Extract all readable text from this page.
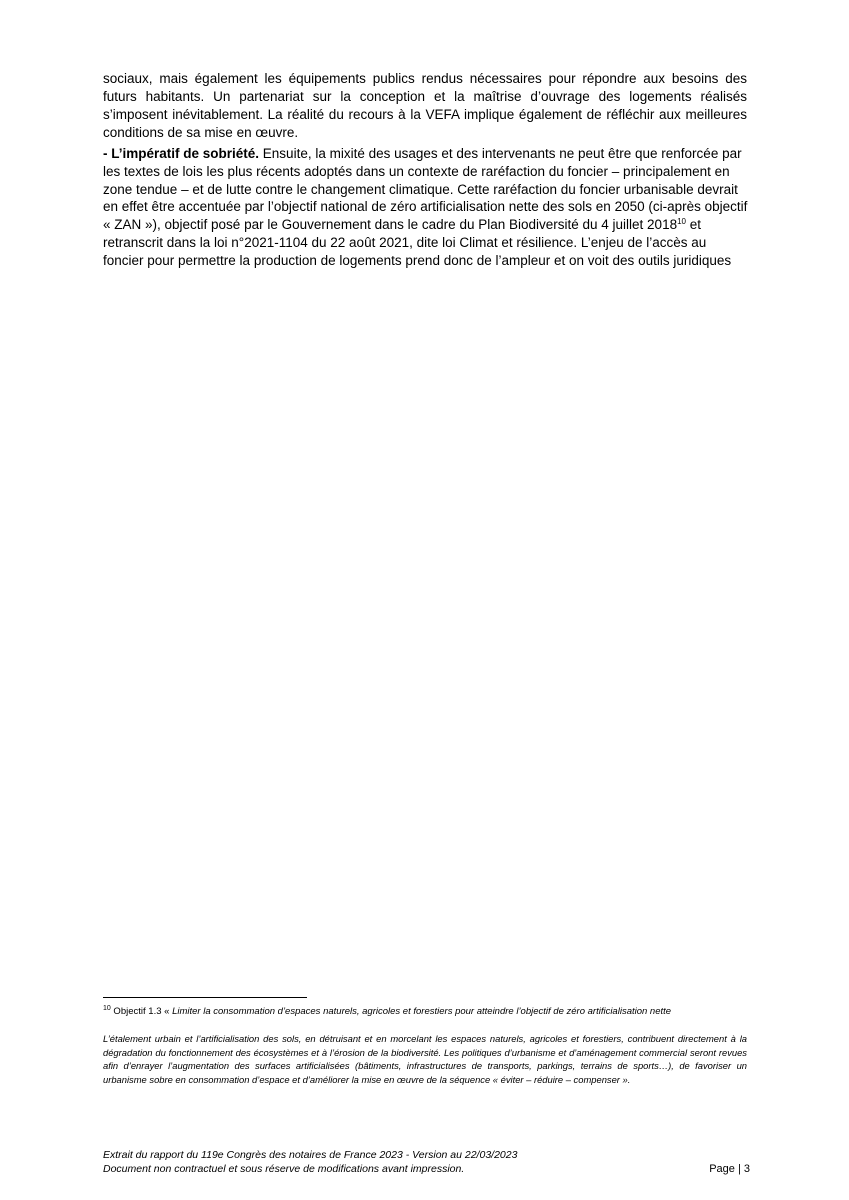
sociaux, mais également les équipements publics rendus nécessaires pour répondre aux besoins des futurs habitants. Un partenariat sur la conception et la maîtrise d’ouvrage des logements réalisés s’imposent inévitablement. La réalité du recours à la VEFA implique également de réfléchir aux meilleures conditions de sa mise en œuvre.

- L’impératif de sobriété. Ensuite, la mixité des usages et des intervenants ne peut être que renforcée par les textes de lois les plus récents adoptés dans un contexte de raréfaction du foncier – principalement en zone tendue – et de lutte contre le changement climatique. Cette raréfaction du foncier urbanisable devrait en effet être accentuée par l’objectif national de zéro artificialisation nette des sols en 2050 (ci-après objectif « ZAN »), objectif posé par le Gouvernement dans le cadre du Plan Biodiversité du 4 juillet 2018$^{10}$ et retranscrit dans la loi n°2021-1104 du 22 août 2021, dite loi Climat et résilience. L’enjeu de l’accès au foncier pour permettre la production de logements prend donc de l’ampleur et on voit des outils juridiques

$^{10}$ Objectif 1.3 « Limiter la consommation d’espaces naturels, agricoles et forestiers pour atteindre l’objectif de zéro artificialisation nette

L’étalement urbain et l’artificialisation des sols, en détruisant et en morcelant les espaces naturels, agricoles et forestiers, contribuent directement à la dégradation du fonctionnement des écosystèmes et à l’érosion de la biodiversité. Les politiques d’urbanisme et d’aménagement commercial seront revues afin d’enrayer l’augmentation des surfaces artificialisées (bâtiments, infrastructures de transports, parkings, terrains de sports…), de favoriser un urbanisme sobre en consommation d’espace et d’améliorer la mise en œuvre de la séquence « éviter – réduire – compenser ».

Extrait du rapport du 119e Congrès des notaires de France 2023 - Version au 22/03/2023
Document non contractuel et sous réserve de modifications avant impression.	Page | 3
